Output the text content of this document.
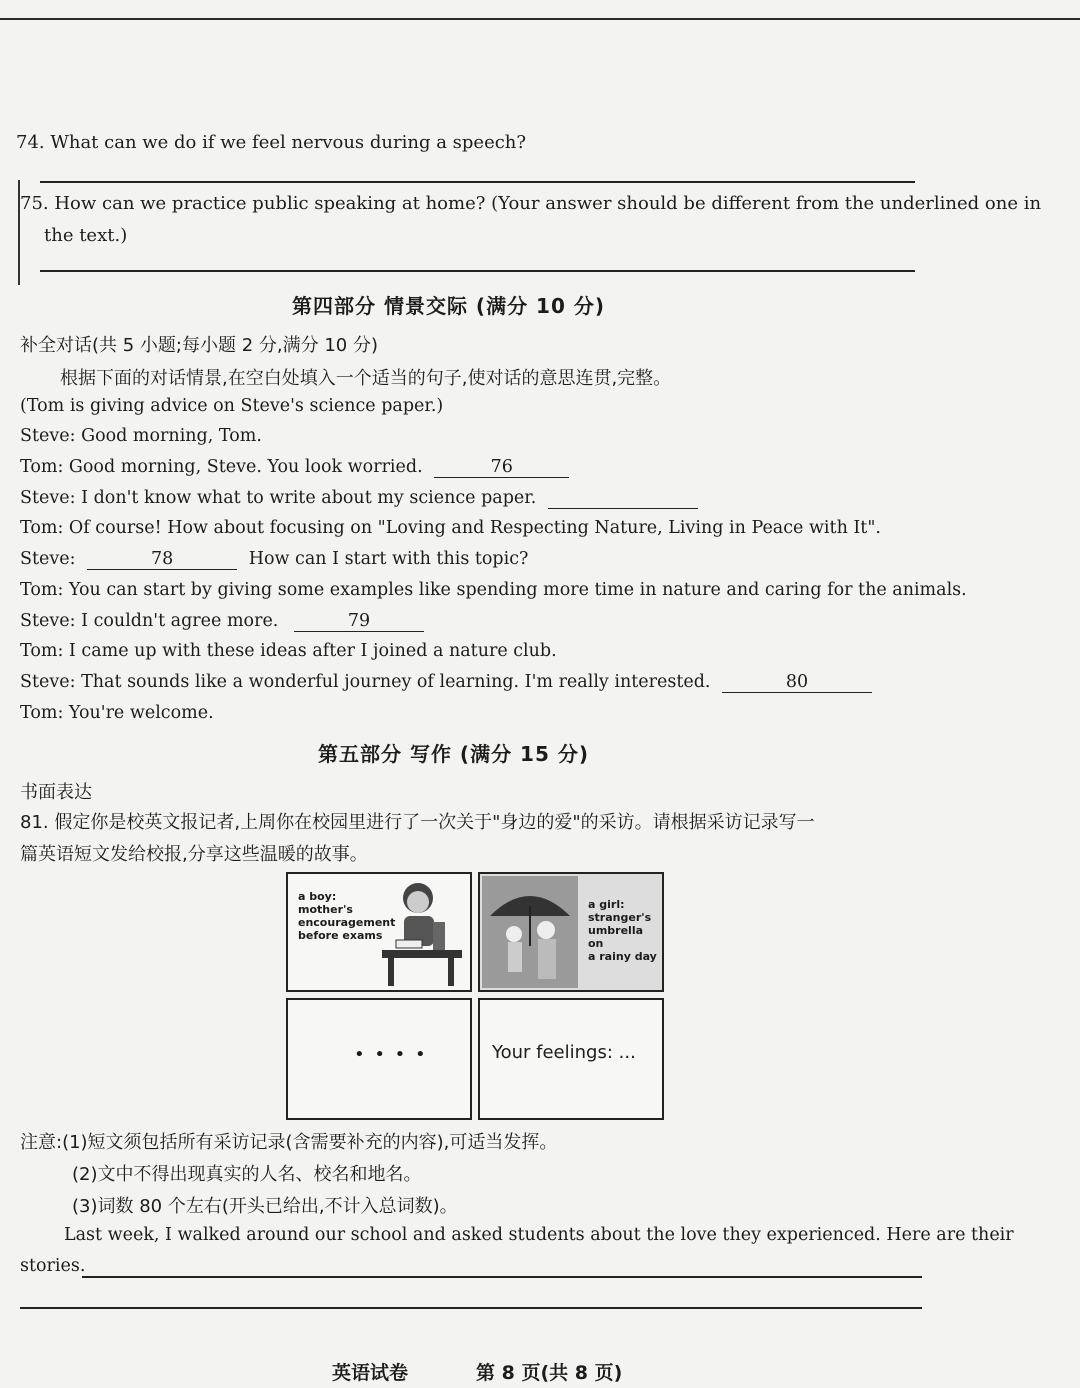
74. What can we do if we feel nervous during a speech?
75. How can we practice public speaking at home? (Your answer should be different from the underlined one in
the text.)
第四部分 情景交际 (满分 10 分)
补全对话(共 5 小题;每小题 2 分,满分 10 分)
根据下面的对话情景,在空白处填入一个适当的句子,使对话的意思连贯,完整。
(Tom is giving advice on Steve's science paper.)
Steve: Good morning, Tom.
Tom: Good morning, Steve. You look worried.	76
Steve: I don't know what to write about my science paper.
Tom: Of course! How about focusing on "Loving and Respecting Nature, Living in Peace with It".
Steve:	78	How can I start with this topic?
Tom: You can start by giving some examples like spending more time in nature and caring for the animals.
Steve: I couldn't agree more.	79
Tom: I came up with these ideas after I joined a nature club.
Steve: That sounds like a wonderful journey of learning. I'm really interested.	80
Tom: You're welcome.
第五部分 写作 (满分 15 分)
书面表达
81. 假定你是校英文报记者,上周你在校园里进行了一次关于"身边的爱"的采访。请根据采访记录写一
篇英语短文发给校报,分享这些温暖的故事。
a boy:
mother's
encouragement
before exams
a girl:
stranger's
umbrella on
a rainy day
• • • •	Your feelings: ...
注意:(1)短文须包括所有采访记录(含需要补充的内容),可适当发挥。
(2)文中不得出现真实的人名、校名和地名。
(3)词数 80 个左右(开头已给出,不计入总词数)。
Last week, I walked around our school and asked students about the love they experienced. Here are their
stories.
英语试卷	第 8 页(共 8 页)
